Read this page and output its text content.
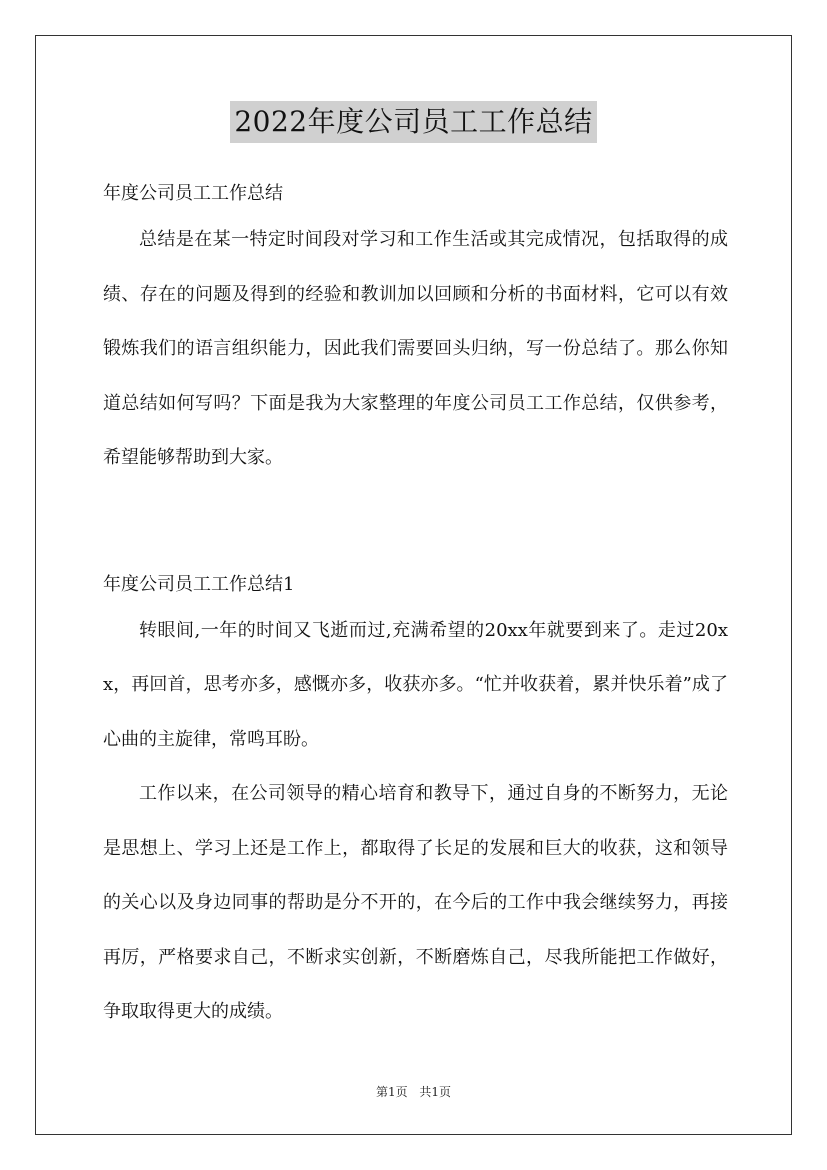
2022年度公司员工工作总结

年度公司员工工作总结

总结是在某一特定时间段对学习和工作生活或其完成情况，包括取得的成绩、存在的问题及得到的经验和教训加以回顾和分析的书面材料，它可以有效锻炼我们的语言组织能力，因此我们需要回头归纳，写一份总结了。那么你知道总结如何写吗？下面是我为大家整理的年度公司员工工作总结，仅供参考，希望能够帮助到大家。

年度公司员工工作总结1

转眼间,一年的时间又飞逝而过,充满希望的20xx年就要到来了。走过20xx，再回首，思考亦多，感慨亦多，收获亦多。“忙并收获着，累并快乐着”成了心曲的主旋律，常鸣耳盼。

工作以来，在公司领导的精心培育和教导下，通过自身的不断努力，无论是思想上、学习上还是工作上，都取得了长足的发展和巨大的收获，这和领导的关心以及身边同事的帮助是分不开的，在今后的工作中我会继续努力，再接再厉，严格要求自己，不断求实创新，不断磨炼自己，尽我所能把工作做好，争取取得更大的成绩。

第1页 共1页
